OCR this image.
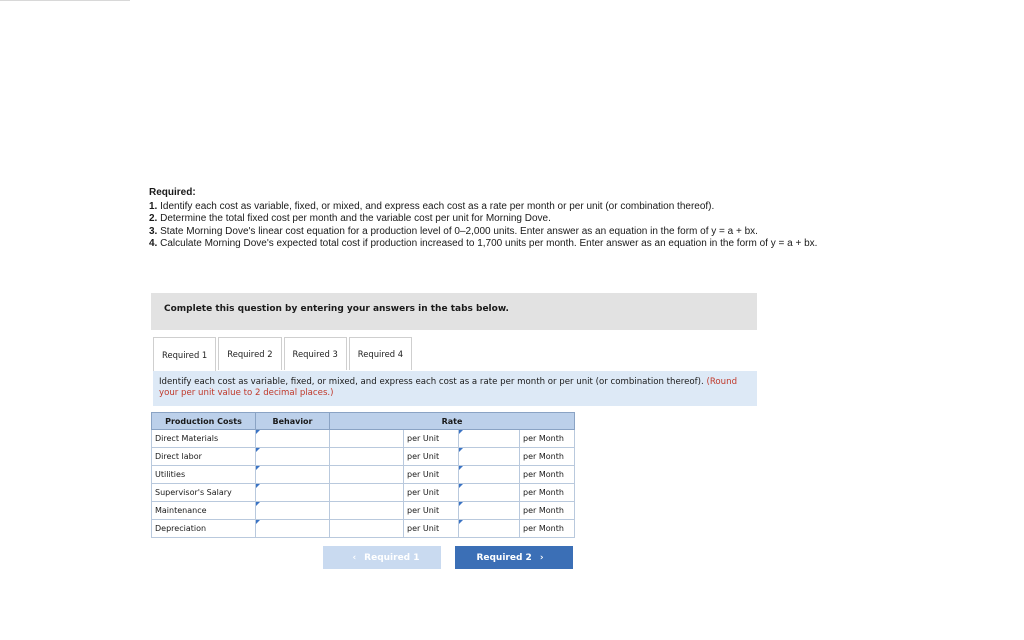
Required:
1. Identify each cost as variable, fixed, or mixed, and express each cost as a rate per month or per unit (or combination thereof).
2. Determine the total fixed cost per month and the variable cost per unit for Morning Dove.
3. State Morning Dove's linear cost equation for a production level of 0–2,000 units. Enter answer as an equation in the form of y = a + bx.
4. Calculate Morning Dove's expected total cost if production increased to 1,700 units per month. Enter answer as an equation in the form of y = a + bx.
Complete this question by entering your answers in the tabs below.
Required 1	Required 2	Required 3	Required 4
Identify each cost as variable, fixed, or mixed, and express each cost as a rate per month or per unit (or combination thereof). (Round your per unit value to 2 decimal places.)
Production Costs	Behavior	Rate			
Direct Materials			per Unit		per Month
Direct labor			per Unit		per Month
Utilities			per Unit		per Month
Supervisor's Salary			per Unit		per Month
Maintenance			per Unit		per Month
Depreciation			per Unit		per Month
‹ Required 1	Required 2 ›
